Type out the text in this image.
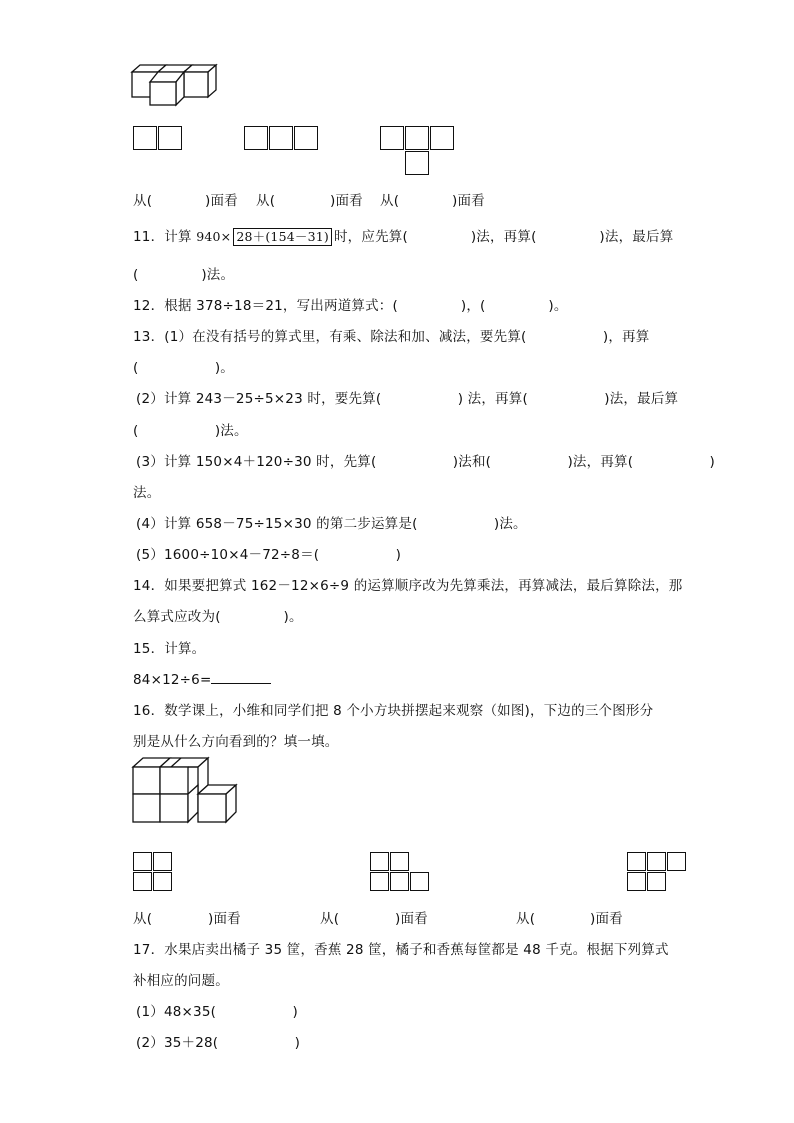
从(	)面看 从(	)面看 从(	)面看
11．计算 940× 28＋(154－31) 时，应先算(              )法，再算(              )法，最后算
(              )法。
12．根据 378÷18＝21，写出两道算式：(              )，(              )。
13．(1）在没有括号的算式里，有乘、除法和加、减法，要先算(                 )，再算
(                 )。
(2）计算 243－25÷5×23 时，要先算(                 ) 法，再算(                 )法，最后算
(                 )法。
(3）计算 150×4＋120÷30 时，先算(                 )法和(                 )法，再算(                 )
法。
(4）计算 658－75÷15×30 的第二步运算是(                 )法。
(5）1600÷10×4－72÷8＝(                 )
14．如果要把算式 162－12×6÷9 的运算顺序改为先算乘法，再算减法，最后算除法，那
么算式应改为(              )。
15．计算。
84×12÷6=
16．数学课上，小维和同学们把 8 个小方块拼摆起来观察（如图)，下边的三个图形分
别是从什么方向看到的？填一填。
从(	)面看	从(	)面看	从(	)面看
17．水果店卖出橘子 35 筐，香蕉 28 筐，橘子和香蕉每筐都是 48 千克。根据下列算式
补相应的问题。
(1）48×35(                 )
(2）35＋28(                 )
